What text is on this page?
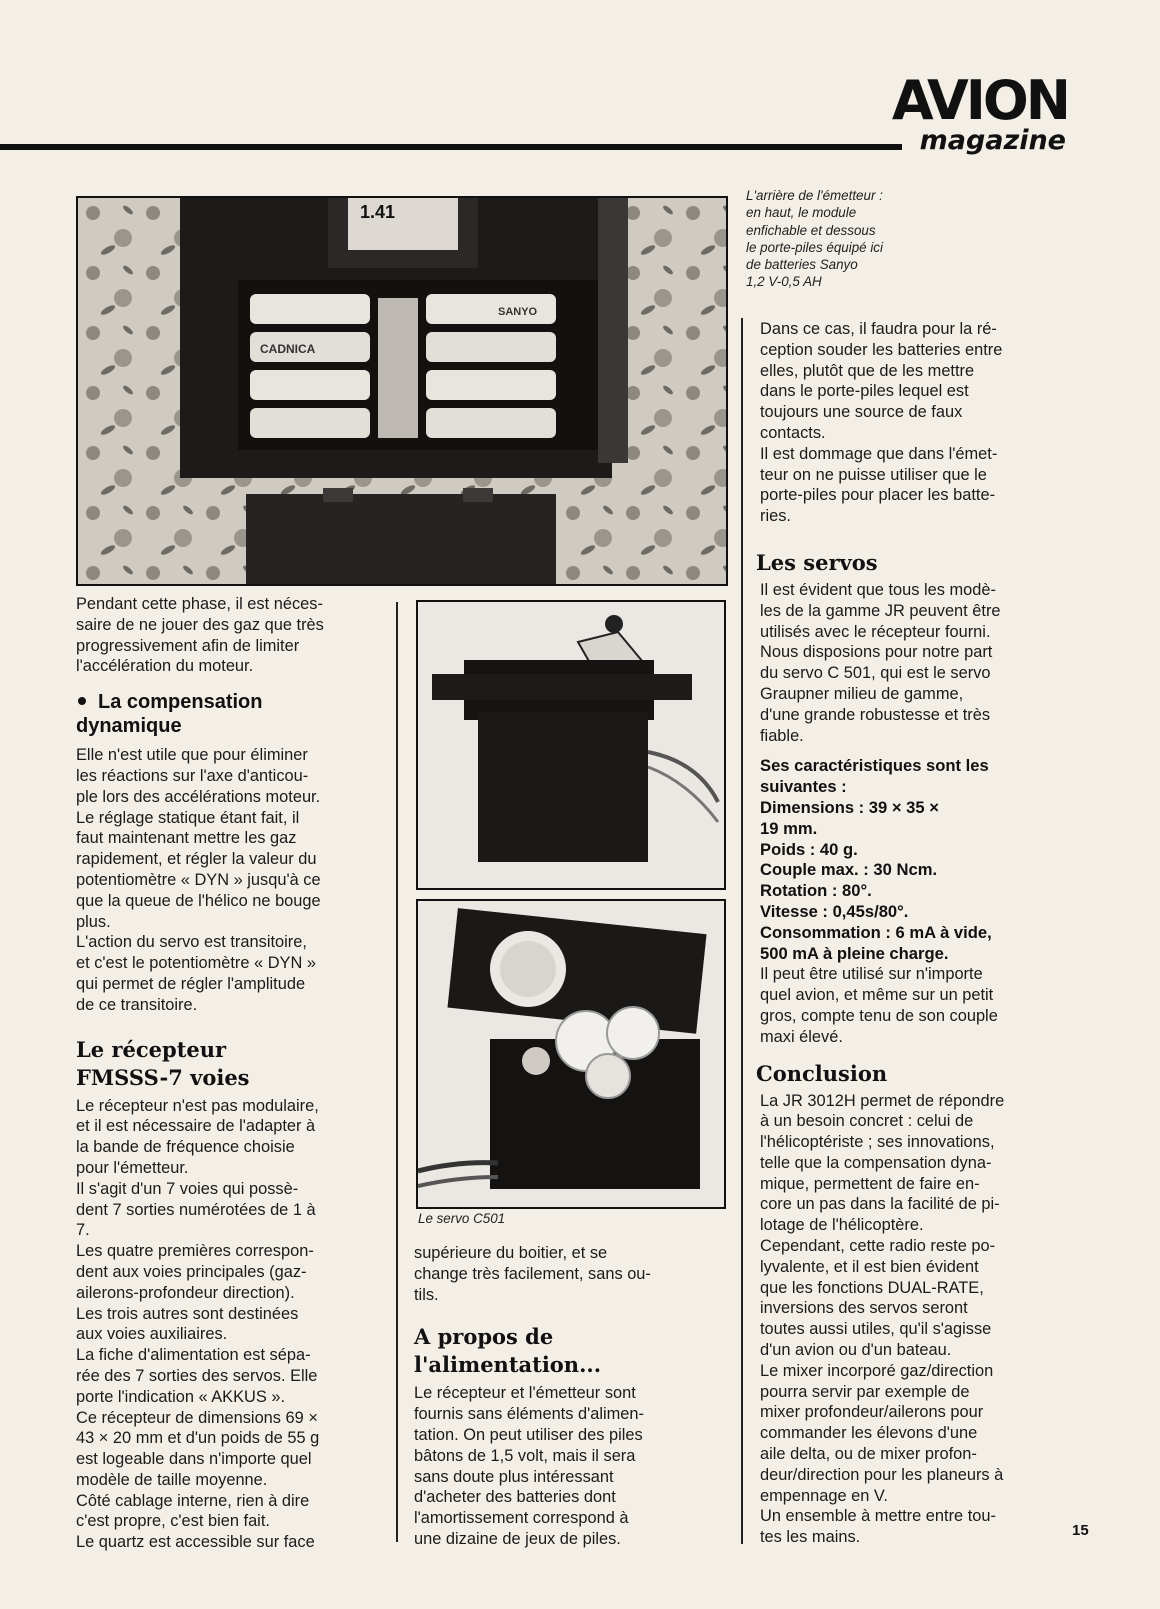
AVION
magazine
1.41
CADNICA
SANYO
L'arrière de l'émetteur :
en haut, le module
enfichable et dessous
le porte-piles équipé ici
de batteries Sanyo
1,2 V-0,5 AH

Pendant cette phase, il est néces-
saire de ne jouer des gaz que très
progressivement afin de limiter
l'accélération du moteur.

La compensation
dynamique

Elle n'est utile que pour éliminer
les réactions sur l'axe d'anticou-
ple lors des accélérations moteur.
Le réglage statique étant fait, il
faut maintenant mettre les gaz
rapidement, et régler la valeur du
potentiomètre « DYN » jusqu'à ce
que la queue de l'hélico ne bouge
plus.
L'action du servo est transitoire,
et c'est le potentiomètre « DYN »
qui permet de régler l'amplitude
de ce transitoire.

Le récepteur
FMSSS-7 voies

Le récepteur n'est pas modulaire,
et il est nécessaire de l'adapter à
la bande de fréquence choisie
pour l'émetteur.
Il s'agit d'un 7 voies qui possè-
dent 7 sorties numérotées de 1 à
7.
Les quatre premières correspon-
dent aux voies principales (gaz-
ailerons-profondeur direction).
Les trois autres sont destinées
aux voies auxiliaires.
La fiche d'alimentation est sépa-
rée des 7 sorties des servos. Elle
porte l'indication « AKKUS ».
Ce récepteur de dimensions 69 ×
43 × 20 mm et d'un poids de 55 g
est logeable dans n'importe quel
modèle de taille moyenne.
Côté cablage interne, rien à dire
c'est propre, c'est bien fait.
Le quartz est accessible sur face

Le servo C501

supérieure du boitier, et se
change très facilement, sans ou-
tils.

A propos de
l'alimentation...

Le récepteur et l'émetteur sont
fournis sans éléments d'alimen-
tation. On peut utiliser des piles
bâtons de 1,5 volt, mais il sera
sans doute plus intéressant
d'acheter des batteries dont
l'amortissement correspond à
une dizaine de jeux de piles.

Dans ce cas, il faudra pour la ré-
ception souder les batteries entre
elles, plutôt que de les mettre
dans le porte-piles lequel est
toujours une source de faux
contacts.
Il est dommage que dans l'émet-
teur on ne puisse utiliser que le
porte-piles pour placer les batte-
ries.

Les servos

Il est évident que tous les modè-
les de la gamme JR peuvent être
utilisés avec le récepteur fourni.
Nous disposions pour notre part
du servo C 501, qui est le servo
Graupner milieu de gamme,
d'une grande robustesse et très
fiable.

Ses caractéristiques sont les
suivantes :
Dimensions : 39 × 35 ×
19 mm.
Poids : 40 g.
Couple max. : 30 Ncm.
Rotation : 80°.
Vitesse : 0,45s/80°.
Consommation : 6 mA à vide,
500 mA à pleine charge.

Il peut être utilisé sur n'importe
quel avion, et même sur un petit
gros, compte tenu de son couple
maxi élevé.

Conclusion

La JR 3012H permet de répondre
à un besoin concret : celui de
l'hélicoptériste ; ses innovations,
telle que la compensation dyna-
mique, permettent de faire en-
core un pas dans la facilité de pi-
lotage de l'hélicoptère.
Cependant, cette radio reste po-
lyvalente, et il est bien évident
que les fonctions DUAL-RATE,
inversions des servos seront
toutes aussi utiles, qu'il s'agisse
d'un avion ou d'un bateau.
Le mixer incorporé gaz/direction
pourra servir par exemple de
mixer profondeur/ailerons pour
commander les élevons d'une
aile delta, ou de mixer profon-
deur/direction pour les planeurs à
empennage en V.
Un ensemble à mettre entre tou-
tes les mains.	15
